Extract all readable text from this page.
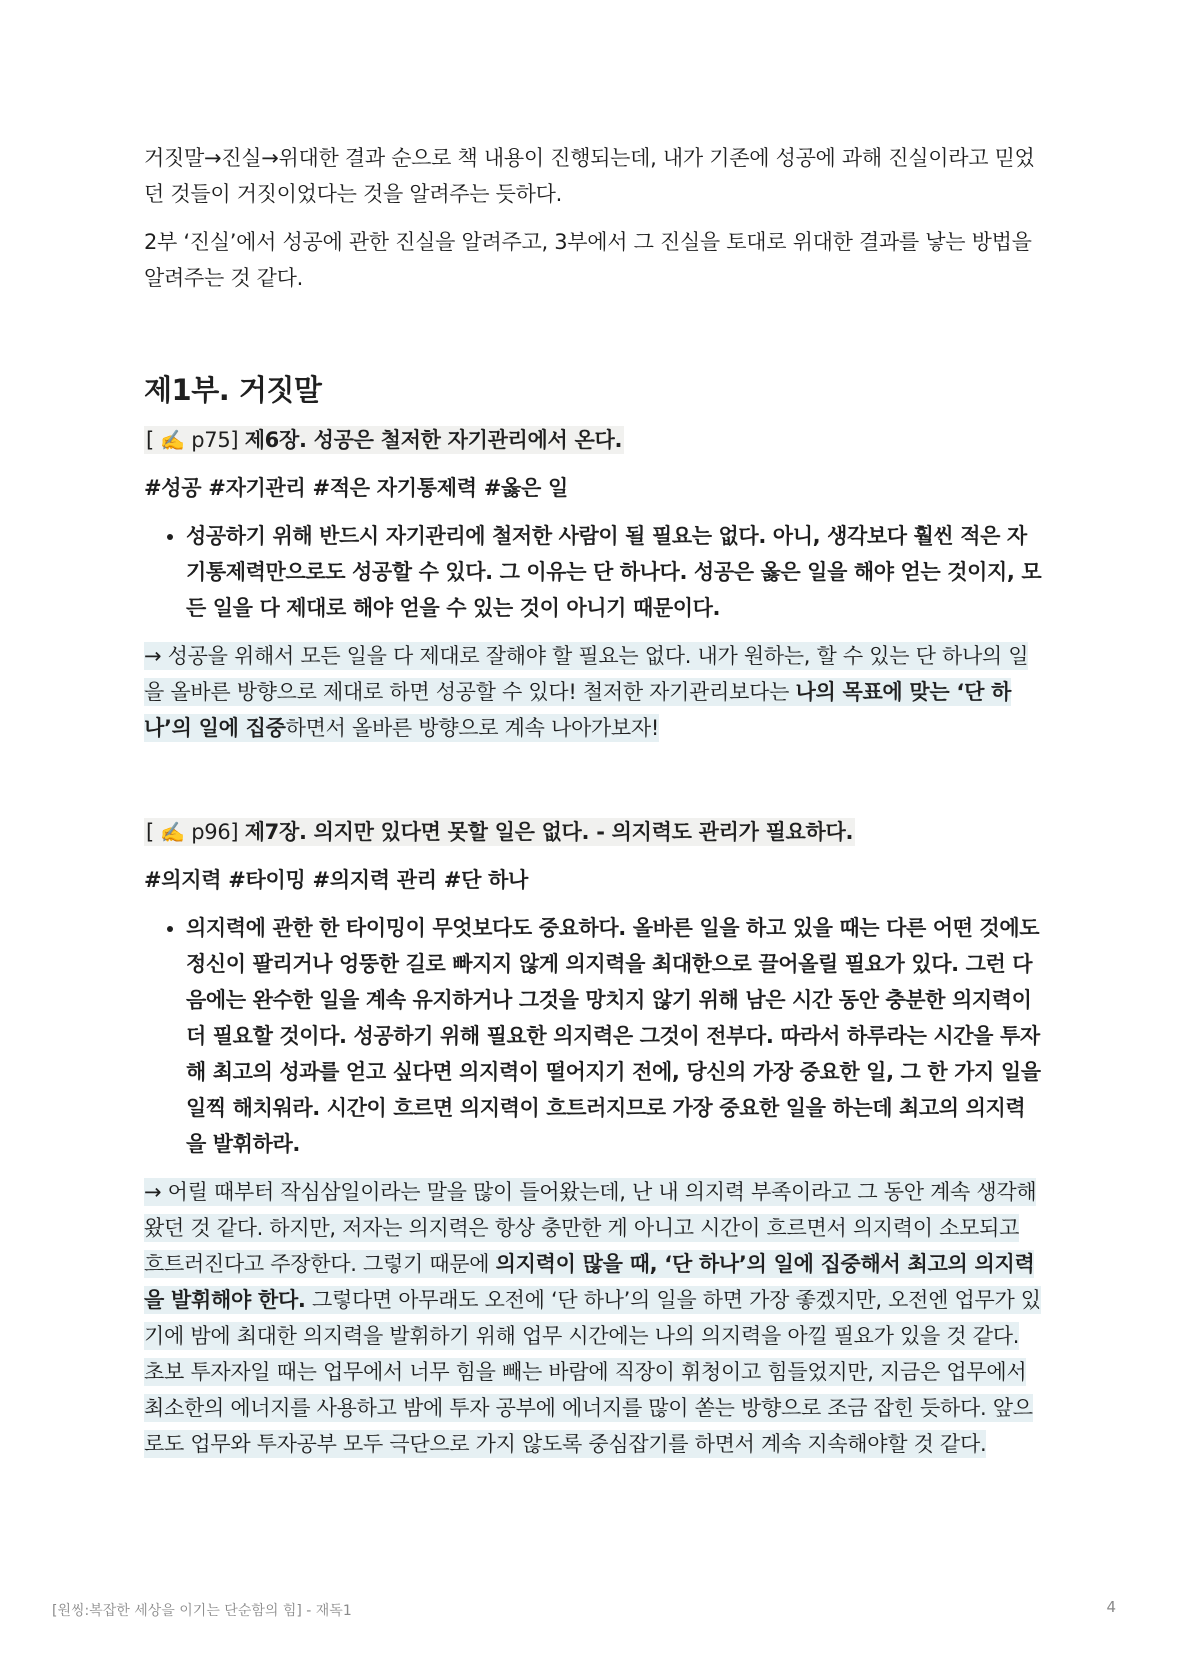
거짓말→진실→위대한 결과 순으로 책 내용이 진행되는데, 내가 기존에 성공에 과해 진실이라고 믿었던 것들이 거짓이었다는 것을 알려주는 듯하다.

2부 ‘진실’에서 성공에 관한 진실을 알려주고, 3부에서 그 진실을 토대로 위대한 결과를 낳는 방법을 알려주는 것 같다.

제1부. 거짓말
[ ✍️ p75] 제6장. 성공은 철저한 자기관리에서 온다.
#성공 #자기관리 #적은 자기통제력 #옳은 일
• 성공하기 위해 반드시 자기관리에 철저한 사람이 될 필요는 없다. 아니, 생각보다 훨씬 적은 자기통제력만으로도 성공할 수 있다. 그 이유는 단 하나다. 성공은 옳은 일을 해야 얻는 것이지, 모든 일을 다 제대로 해야 얻을 수 있는 것이 아니기 때문이다.

→ 성공을 위해서 모든 일을 다 제대로 잘해야 할 필요는 없다. 내가 원하는, 할 수 있는 단 하나의 일을 올바른 방향으로 제대로 하면 성공할 수 있다! 철저한 자기관리보다는 나의 목표에 맞는 ‘단 하나’의 일에 집중하면서 올바른 방향으로 계속 나아가보자!

[ ✍️ p96] 제7장. 의지만 있다면 못할 일은 없다. - 의지력도 관리가 필요하다.
#의지력 #타이밍 #의지력 관리 #단 하나
• 의지력에 관한 한 타이밍이 무엇보다도 중요하다. 올바른 일을 하고 있을 때는 다른 어떤 것에도 정신이 팔리거나 엉뚱한 길로 빠지지 않게 의지력을 최대한으로 끌어올릴 필요가 있다. 그런 다음에는 완수한 일을 계속 유지하거나 그것을 망치지 않기 위해 남은 시간 동안 충분한 의지력이 더 필요할 것이다. 성공하기 위해 필요한 의지력은 그것이 전부다. 따라서 하루라는 시간을 투자해 최고의 성과를 얻고 싶다면 의지력이 떨어지기 전에, 당신의 가장 중요한 일, 그 한 가지 일을 일찍 해치워라. 시간이 흐르면 의지력이 흐트러지므로 가장 중요한 일을 하는데 최고의 의지력을 발휘하라.

→ 어릴 때부터 작심삼일이라는 말을 많이 들어왔는데, 난 내 의지력 부족이라고 그 동안 계속 생각해왔던 것 같다. 하지만, 저자는 의지력은 항상 충만한 게 아니고 시간이 흐르면서 의지력이 소모되고 흐트러진다고 주장한다. 그렇기 때문에 의지력이 많을 때, ‘단 하나’의 일에 집중해서 최고의 의지력을 발휘해야 한다. 그렇다면 아무래도 오전에 ‘단 하나’의 일을 하면 가장 좋겠지만, 오전엔 업무가 있기에 밤에 최대한 의지력을 발휘하기 위해 업무 시간에는 나의 의지력을 아낄 필요가 있을 것 같다. 초보 투자자일 때는 업무에서 너무 힘을 빼는 바람에 직장이 휘청이고 힘들었지만, 지금은 업무에서 최소한의 에너지를 사용하고 밤에 투자 공부에 에너지를 많이 쏟는 방향으로 조금 잡힌 듯하다. 앞으로도 업무와 투자공부 모두 극단으로 가지 않도록 중심잡기를 하면서 계속 지속해야할 것 같다.

[원씽:복잡한 세상을 이기는 단순함의 힘] - 재독1	4
